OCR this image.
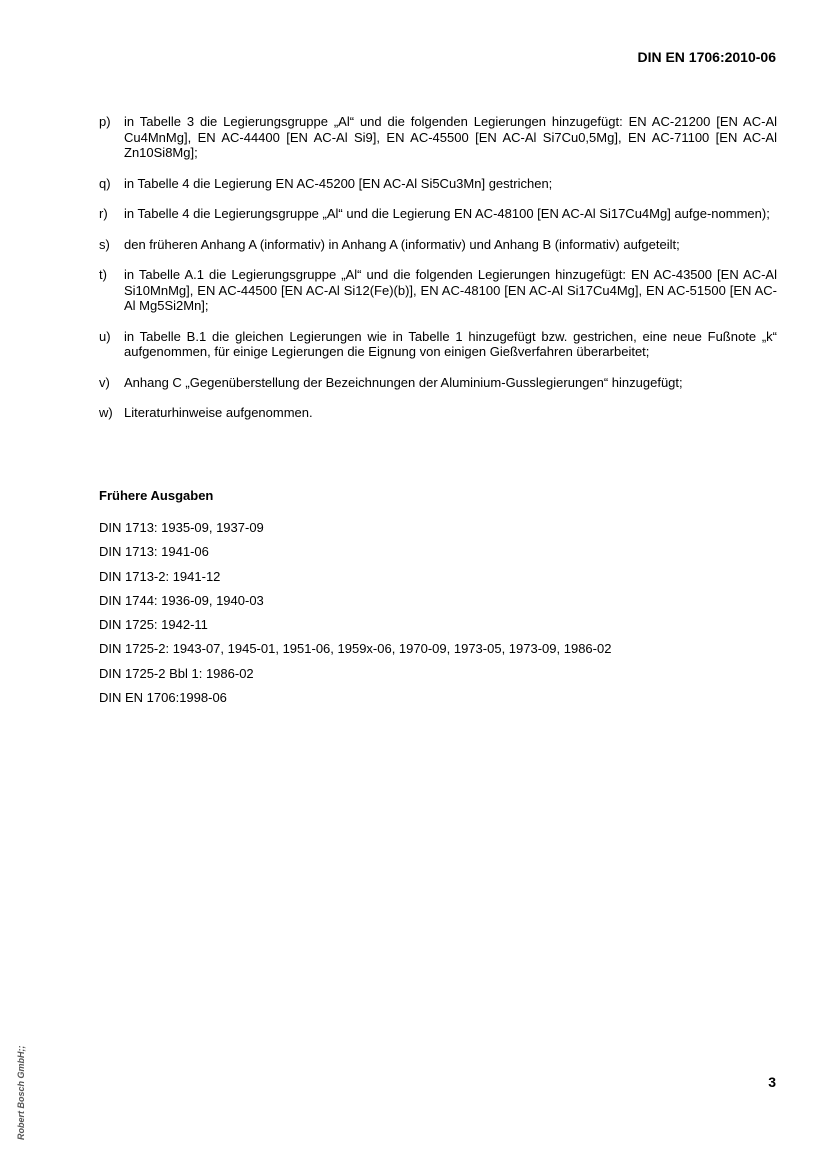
DIN EN 1706:2010-06
p)	in Tabelle 3 die Legierungsgruppe „Al“ und die folgenden Legierungen hinzugefügt: EN AC-21200 [EN AC-Al Cu4MnMg], EN AC-44400 [EN AC-Al Si9], EN AC-45500 [EN AC-Al Si7Cu0,5Mg], EN AC-71100 [EN AC-Al Zn10Si8Mg];
q)	in Tabelle 4 die Legierung EN AC-45200 [EN AC-Al Si5Cu3Mn] gestrichen;
r)	in Tabelle 4 die Legierungsgruppe „Al“ und die Legierung EN AC-48100 [EN AC-Al Si17Cu4Mg] aufge-nommen);
s)	den früheren Anhang A (informativ) in Anhang A (informativ) und Anhang B (informativ) aufgeteilt;
t)	in Tabelle A.1 die Legierungsgruppe „Al“ und die folgenden Legierungen hinzugefügt: EN AC-43500 [EN AC-Al Si10MnMg], EN AC-44500 [EN AC-Al Si12(Fe)(b)], EN AC-48100 [EN AC-Al Si17Cu4Mg], EN AC-51500 [EN AC-Al Mg5Si2Mn];
u)	in Tabelle B.1 die gleichen Legierungen wie in Tabelle 1 hinzugefügt bzw. gestrichen, eine neue Fußnote „k“ aufgenommen, für einige Legierungen die Eignung von einigen Gießverfahren überarbeitet;
v)	Anhang C „Gegenüberstellung der Bezeichnungen der Aluminium-Gusslegierungen“ hinzugefügt;
w) Literaturhinweise aufgenommen.
Frühere Ausgaben
DIN 1713: 1935-09, 1937-09
DIN 1713: 1941-06
DIN 1713-2: 1941-12
DIN 1744: 1936-09, 1940-03
DIN 1725: 1942-11
DIN 1725-2: 1943-07, 1945-01, 1951-06, 1959x-06, 1970-09, 1973-05, 1973-09, 1986-02
DIN 1725-2 Bbl 1: 1986-02
DIN EN 1706:1998-06
3
Robert Bosch GmbH;;
